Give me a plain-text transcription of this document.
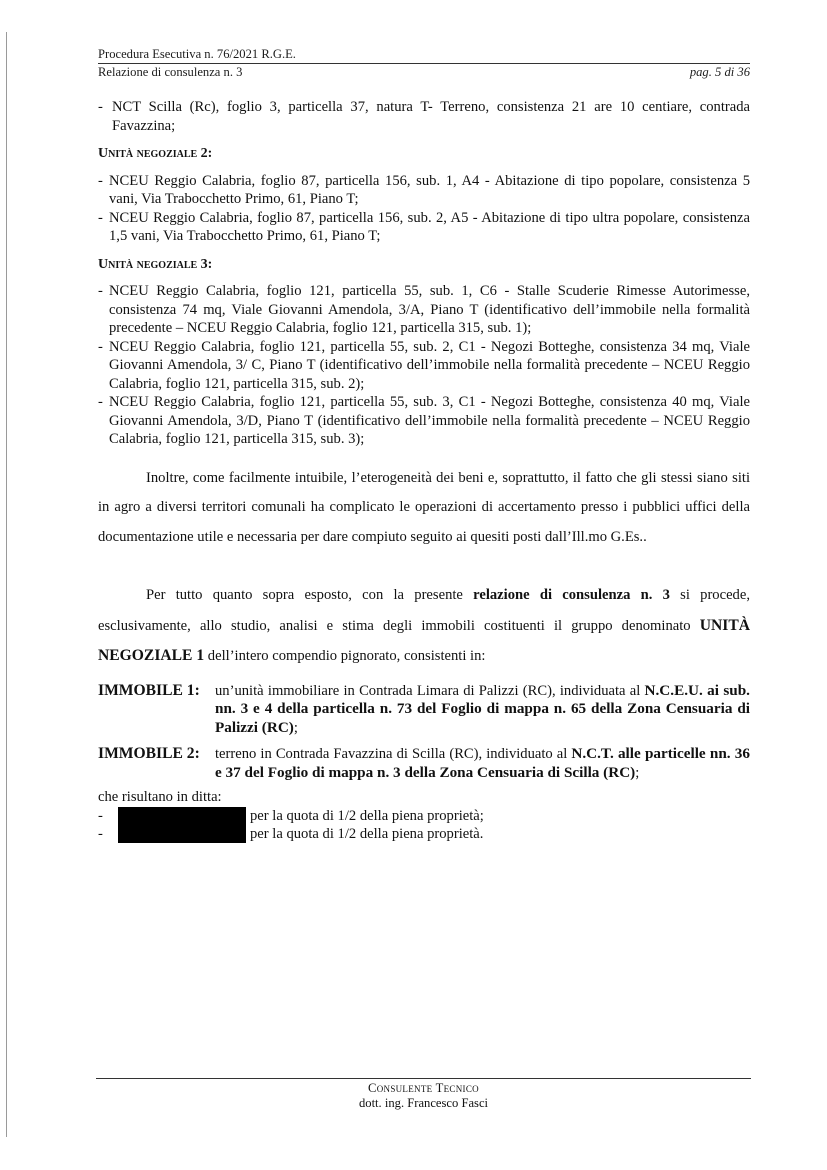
Procedura Esecutiva n. 76/2021 R.G.E.
Relazione di consulenza n. 3	pag. 5 di 36
- NCT Scilla (Rc), foglio 3, particella 37, natura T- Terreno, consistenza 21 are 10 centiare, contrada Favazzina;
Unità negoziale 2:
- NCEU Reggio Calabria, foglio 87, particella 156, sub. 1, A4 - Abitazione di tipo popolare, consistenza 5 vani, Via Trabocchetto Primo, 61, Piano T;
- NCEU Reggio Calabria, foglio 87, particella 156, sub. 2, A5 - Abitazione di tipo ultra popolare, consistenza 1,5 vani, Via Trabocchetto Primo, 61, Piano T;
Unità negoziale 3:
- NCEU Reggio Calabria, foglio 121, particella 55, sub. 1, C6 - Stalle Scuderie Rimesse Autorimesse, consistenza 74 mq, Viale Giovanni Amendola, 3/A, Piano T (identificativo dell’immobile nella formalità precedente – NCEU Reggio Calabria, foglio 121, particella 315, sub. 1);
- NCEU Reggio Calabria, foglio 121, particella 55, sub. 2, C1 - Negozi Botteghe, consistenza 34 mq, Viale Giovanni Amendola, 3/ C, Piano T (identificativo dell’immobile nella formalità precedente – NCEU Reggio Calabria, foglio 121, particella 315, sub. 2);
- NCEU Reggio Calabria, foglio 121, particella 55, sub. 3, C1 - Negozi Botteghe, consistenza 40 mq, Viale Giovanni Amendola, 3/D, Piano T (identificativo dell’immobile nella formalità precedente – NCEU Reggio Calabria, foglio 121, particella 315, sub. 3);

Inoltre, come facilmente intuibile, l’eterogeneità dei beni e, soprattutto, il fatto che gli stessi siano siti in agro a diversi territori comunali ha complicato le operazioni di accertamento presso i pubblici uffici della documentazione utile e necessaria per dare compiuto seguito ai quesiti posti dall’Ill.mo G.Es..

Per tutto quanto sopra esposto, con la presente relazione di consulenza n. 3 si procede, esclusivamente, allo studio, analisi e stima degli immobili costituenti il gruppo denominato UNITÀ NEGOZIALE 1 dell’intero compendio pignorato, consistenti in:

IMMOBILE 1:	un’unità immobiliare in Contrada Limara di Palizzi (RC), individuata al N.C.E.U. ai sub. nn. 3 e 4 della particella n. 73 del Foglio di mappa n. 65 della Zona Censuaria di Palizzi (RC);
IMMOBILE 2:	terreno in Contrada Favazzina di Scilla (RC), individuato al N.C.T. alle particelle nn. 36 e 37 del Foglio di mappa n. 3 della Zona Censuaria di Scilla (RC);
che risultano in ditta:
-	per la quota di 1/2 della piena proprietà;
-	per la quota di 1/2 della piena proprietà.
Consulente Tecnico
dott. ing. Francesco Fasci
